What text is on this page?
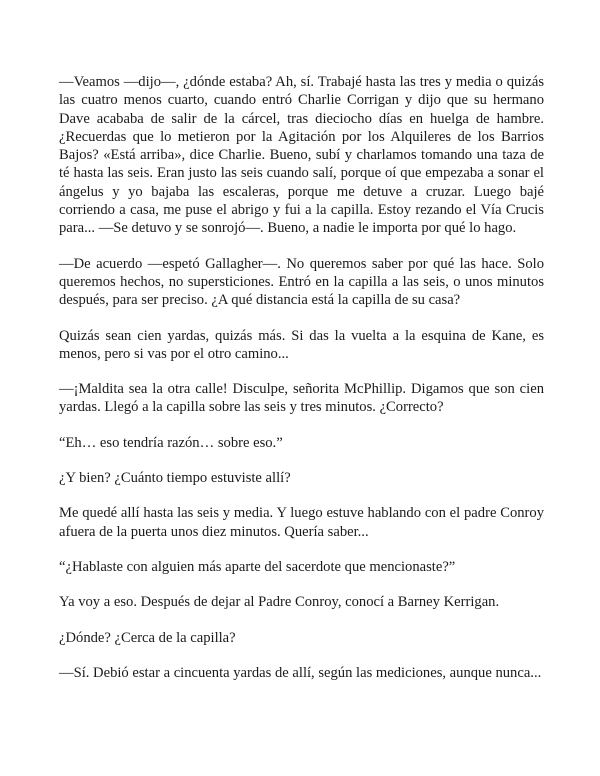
—Veamos —dijo—, ¿dónde estaba? Ah, sí. Trabajé hasta las tres y media o quizás las cuatro menos cuarto, cuando entró Charlie Corrigan y dijo que su hermano Dave acababa de salir de la cárcel, tras dieciocho días en huelga de hambre. ¿Recuerdas que lo metieron por la Agitación por los Alquileres de los Barrios Bajos? «Está arriba», dice Charlie. Bueno, subí y charlamos tomando una taza de té hasta las seis. Eran justo las seis cuando salí, porque oí que empezaba a sonar el ángelus y yo bajaba las escaleras, porque me detuve a cruzar. Luego bajé corriendo a casa, me puse el abrigo y fui a la capilla. Estoy rezando el Vía Crucis para... —Se detuvo y se sonrojó—. Bueno, a nadie le importa por qué lo hago.

—De acuerdo —espetó Gallagher—. No queremos saber por qué las hace. Solo queremos hechos, no supersticiones. Entró en la capilla a las seis, o unos minutos después, para ser preciso. ¿A qué distancia está la capilla de su casa?

Quizás sean cien yardas, quizás más. Si das la vuelta a la esquina de Kane, es menos, pero si vas por el otro camino...

—¡Maldita sea la otra calle! Disculpe, señorita McPhillip. Digamos que son cien yardas. Llegó a la capilla sobre las seis y tres minutos. ¿Correcto?

“Eh… eso tendría razón… sobre eso.”

¿Y bien? ¿Cuánto tiempo estuviste allí?

Me quedé allí hasta las seis y media. Y luego estuve hablando con el padre Conroy afuera de la puerta unos diez minutos. Quería saber...

“¿Hablaste con alguien más aparte del sacerdote que mencionaste?”

Ya voy a eso. Después de dejar al Padre Conroy, conocí a Barney Kerrigan.

¿Dónde? ¿Cerca de la capilla?

—Sí. Debió estar a cincuenta yardas de allí, según las mediciones, aunque nunca...
